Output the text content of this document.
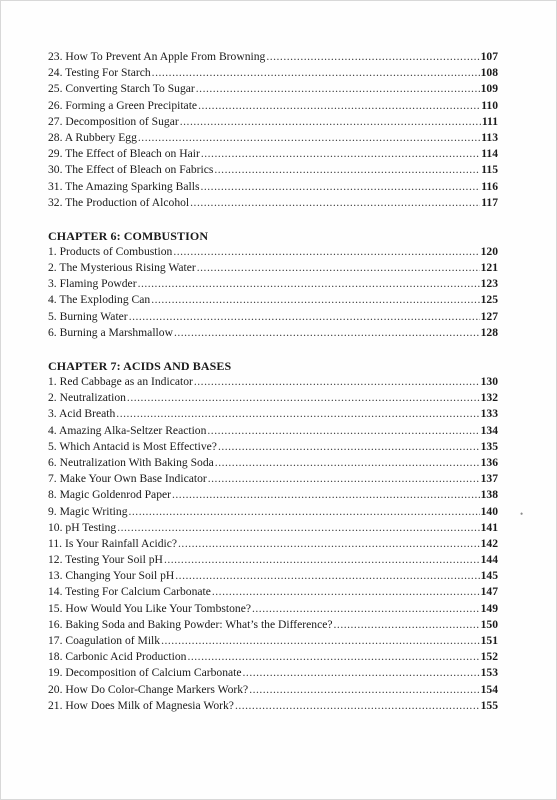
23. How To Prevent An Apple From Browning .....	107
24. Testing For Starch .....	108
25. Converting Starch To Sugar .....	109
26. Forming a Green Precipitate .....	110
27. Decomposition of Sugar .....	111
28. A Rubbery Egg .....	113
29. The Effect of Bleach on Hair .....	114
30. The Effect of Bleach on Fabrics .....	115
31. The Amazing Sparking Balls .....	116
32. The Production of Alcohol .....	117
CHAPTER 6: COMBUSTION
1. Products of Combustion .....	120
2. The Mysterious Rising Water .....	121
3. Flaming Powder .....	123
4. The Exploding Can .....	125
5. Burning Water .....	127
6. Burning a Marshmallow .....	128
CHAPTER 7: ACIDS AND BASES
1. Red Cabbage as an Indicator .....	130
2. Neutralization .....	132
3. Acid Breath .....	133
4. Amazing Alka-Seltzer Reaction .....	134
5. Which Antacid is Most Effective? .....	135
6. Neutralization With Baking Soda .....	136
7. Make Your Own Base Indicator .....	137
8. Magic Goldenrod Paper .....	138
9. Magic Writing .....	140
10. pH Testing .....	141
11. Is Your Rainfall Acidic? .....	142
12. Testing Your Soil pH .....	144
13. Changing Your Soil pH .....	145
14. Testing For Calcium Carbonate .....	147
15. How Would You Like Your Tombstone? .....	149
16. Baking Soda and Baking Powder: What’s the Difference? .....	150
17. Coagulation of Milk .....	151
18. Carbonic Acid Production .....	152
19. Decomposition of Calcium Carbonate .....	153
20. How Do Color-Change Markers Work? .....	154
21. How Does Milk of Magnesia Work? .....	155
•
